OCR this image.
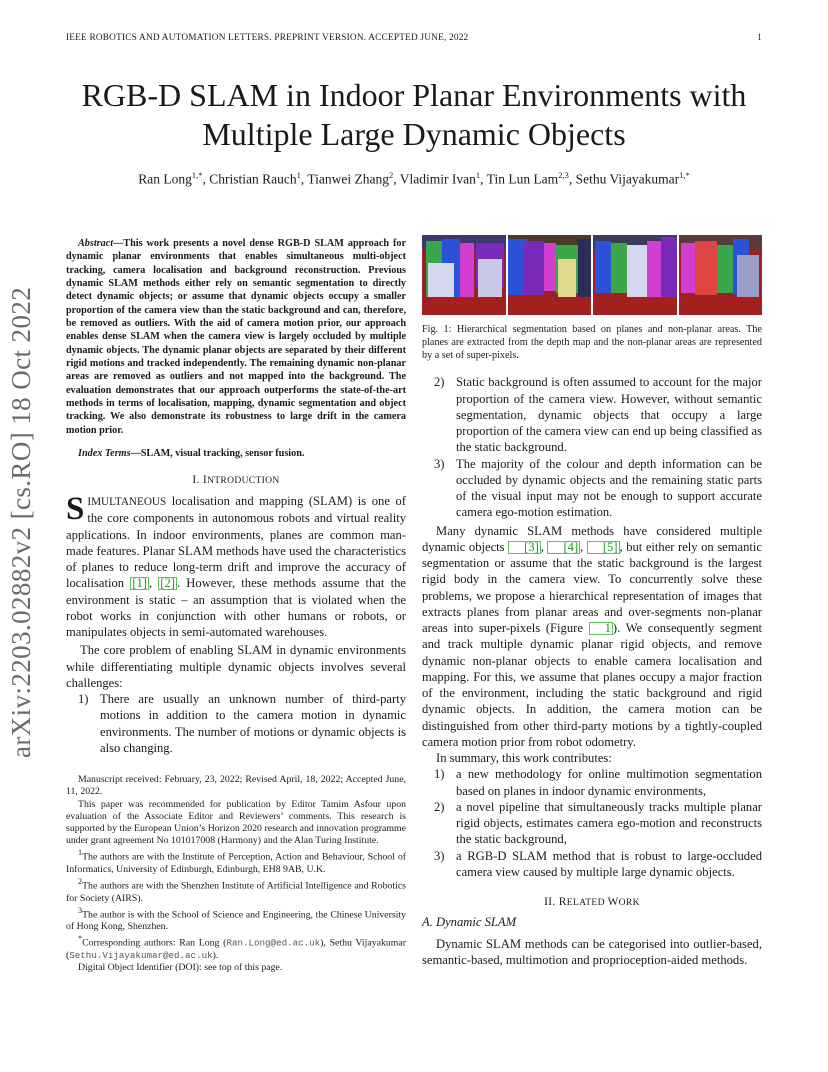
IEEE ROBOTICS AND AUTOMATION LETTERS. PREPRINT VERSION. ACCEPTED JUNE, 2022	1
RGB-D SLAM in Indoor Planar Environments with
Multiple Large Dynamic Objects
Ran Long$^{1,*}$, Christian Rauch$^1$, Tianwei Zhang$^2$, Vladimir Ivan$^1$, Tin Lun Lam$^{2,3}$, Sethu Vijayakumar$^{1,*}$
arXiv:2203.02882v2 [cs.RO] 18 Oct 2022

Abstract—This work presents a novel dense RGB-D SLAM approach for dynamic planar environments that enables simultaneous multi-object tracking, camera localisation and background reconstruction. Previous dynamic SLAM methods either rely on semantic segmentation to directly detect dynamic objects; or assume that dynamic objects occupy a smaller proportion of the camera view than the static background and can, therefore, be removed as outliers. With the aid of camera motion prior, our approach enables dense SLAM when the camera view is largely occluded by multiple dynamic objects. The dynamic planar objects are separated by their different rigid motions and tracked independently. The remaining dynamic non-planar areas are removed as outliers and not mapped into the background. The evaluation demonstrates that our approach outperforms the state-of-the-art methods in terms of localisation, mapping, dynamic segmentation and object tracking. We also demonstrate its robustness to large drift in the camera motion prior.

Index Terms—SLAM, visual tracking, sensor fusion.

I. INTRODUCTION

SIMULTANEOUS localisation and mapping (SLAM) is one of the core components in autonomous robots and virtual reality applications. In indoor environments, planes are common man-made features. Planar SLAM methods have used the characteristics of planes to reduce long-term drift and improve the accuracy of localisation [1] , [2] . However, these methods assume that the environment is static – an assumption that is violated when the robot works in conjunction with other humans or robots, or manipulates objects in semi-automated warehouses.

The core problem of enabling SLAM in dynamic environments while differentiating multiple dynamic objects involves several challenges:

1) There are usually an unknown number of third-party motions in addition to the camera motion in dynamic environments. The number of motions or dynamic objects is also changing.

Manuscript received: February, 23, 2022; Revised April, 18, 2022; Accepted June, 11, 2022.

This paper was recommended for publication by Editor Tamim Asfour upon evaluation of the Associate Editor and Reviewers’ comments. This research is supported by the European Union’s Horizon 2020 research and innovation programme under grant agreement No 101017008 (Harmony) and the Alan Turing Institute.

$^1$The authors are with the Institute of Perception, Action and Behaviour, School of Informatics, University of Edinburgh, Edinburgh, EH8 9AB, U.K.

$^2$The authors are with the Shenzhen Institute of Artificial Intelligence and Robotics for Society (AIRS).

$^3$The author is with the School of Science and Engineering, the Chinese University of Hong Kong, Shenzhen.

*Corresponding authors: Ran Long (Ran.Long@ed.ac.uk), Sethu Vijayakumar (Sethu.Vijayakumar@ed.ac.uk).

Digital Object Identifier (DOI): see top of this page.

Fig. 1: Hierarchical segmentation based on planes and non-planar areas. The planes are extracted from the depth map and the non-planar areas are represented by a set of super-pixels.
2) Static background is often assumed to account for the major proportion of the camera view. However, without semantic segmentation, dynamic objects that occupy a large proportion of the camera view can end up being classified as the static background.
3) The majority of the colour and depth information can be occluded by dynamic objects and the remaining static parts of the visual input may not be enough to support accurate camera ego-motion estimation.

Many dynamic SLAM methods have considered multiple dynamic objects [3] , [4] , [5] , but either rely on semantic segmentation or assume that the static background is the largest rigid body in the camera view. To concurrently solve these problems, we propose a hierarchical representation of images that extracts planes from planar areas and over-segments non-planar areas into super-pixels (Figure 1 ). We consequently segment and track multiple dynamic planar rigid objects, and remove dynamic non-planar objects to enable camera localisation and mapping. For this, we assume that planes occupy a major fraction of the environment, including the static background and rigid dynamic objects. In addition, the camera motion can be distinguished from other third-party motions by a tightly-coupled camera motion prior from robot odometry.

In summary, this work contributes:

1) a new methodology for online multimotion segmentation based on planes in indoor dynamic environments,
2) a novel pipeline that simultaneously tracks multiple planar rigid objects, estimates camera ego-motion and reconstructs the static background,
3) a RGB-D SLAM method that is robust to large-occluded camera view caused by multiple large dynamic objects.
II. RELATED WORK
A. Dynamic SLAM

Dynamic SLAM methods can be categorised into outlier-based, semantic-based, multimotion and proprioception-aided methods.
